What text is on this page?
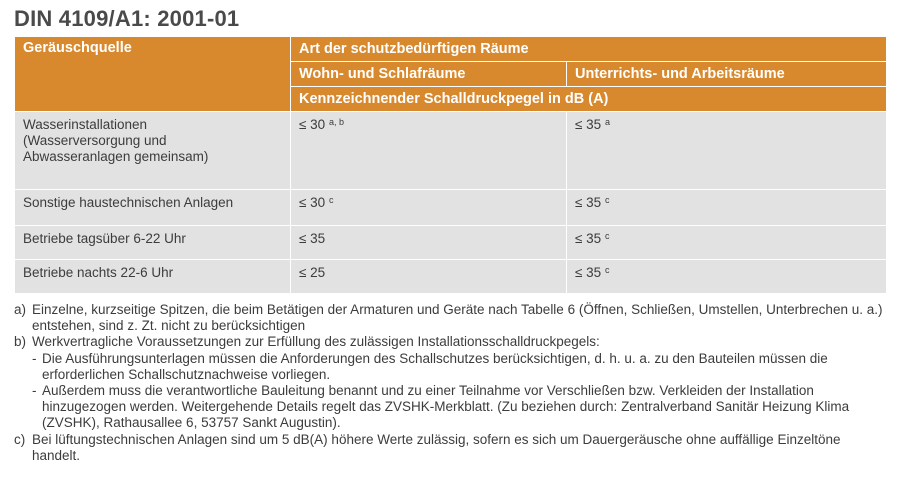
DIN 4109/A1: 2001-01
Geräuschquelle	Art der schutzbedürftigen Räume	
	Wohn- und Schlafräume	Unterrichts- und Arbeitsräume
	Kennzeichnender Schalldruckpegel in dB (A)	
Wasserinstallationen
(Wasserversorgung und
Abwasseranlagen gemeinsam)	≤ 30 $^{a, b}$	≤ 35 $^a$
Sonstige haustechnischen Anlagen	≤ 30 $^c$	≤ 35 $^c$
Betriebe tagsüber 6-22 Uhr	≤ 35	≤ 35 $^c$
Betriebe nachts 22-6 Uhr	≤ 25	≤ 35 $^c$
a) Einzelne, kurzseitige Spitzen, die beim Betätigen der Armaturen und Geräte nach Tabelle 6 (Öffnen, Schließen, Umstellen, Unterbrechen u. a.) entstehen, sind z. Zt. nicht zu berücksichtigen
b) Werkvertragliche Voraussetzungen zur Erfüllung des zulässigen Installationsschalldruckpegels:
- Die Ausführungsunterlagen müssen die Anforderungen des Schallschutzes berücksichtigen, d. h. u. a. zu den Bauteilen müssen die erforderlichen Schallschutznachweise vorliegen.
- Außerdem muss die verantwortliche Bauleitung benannt und zu einer Teilnahme vor Verschließen bzw. Verkleiden der Installation hinzugezogen werden. Weitergehende Details regelt das ZVSHK-Merkblatt. (Zu beziehen durch: Zentralverband Sanitär Heizung Klima (ZVSHK), Rathausallee 6, 53757 Sankt Augustin).
c) Bei lüftungstechnischen Anlagen sind um 5 dB(A) höhere Werte zulässig, sofern es sich um Dauergeräusche ohne auffällige Einzeltöne handelt.
